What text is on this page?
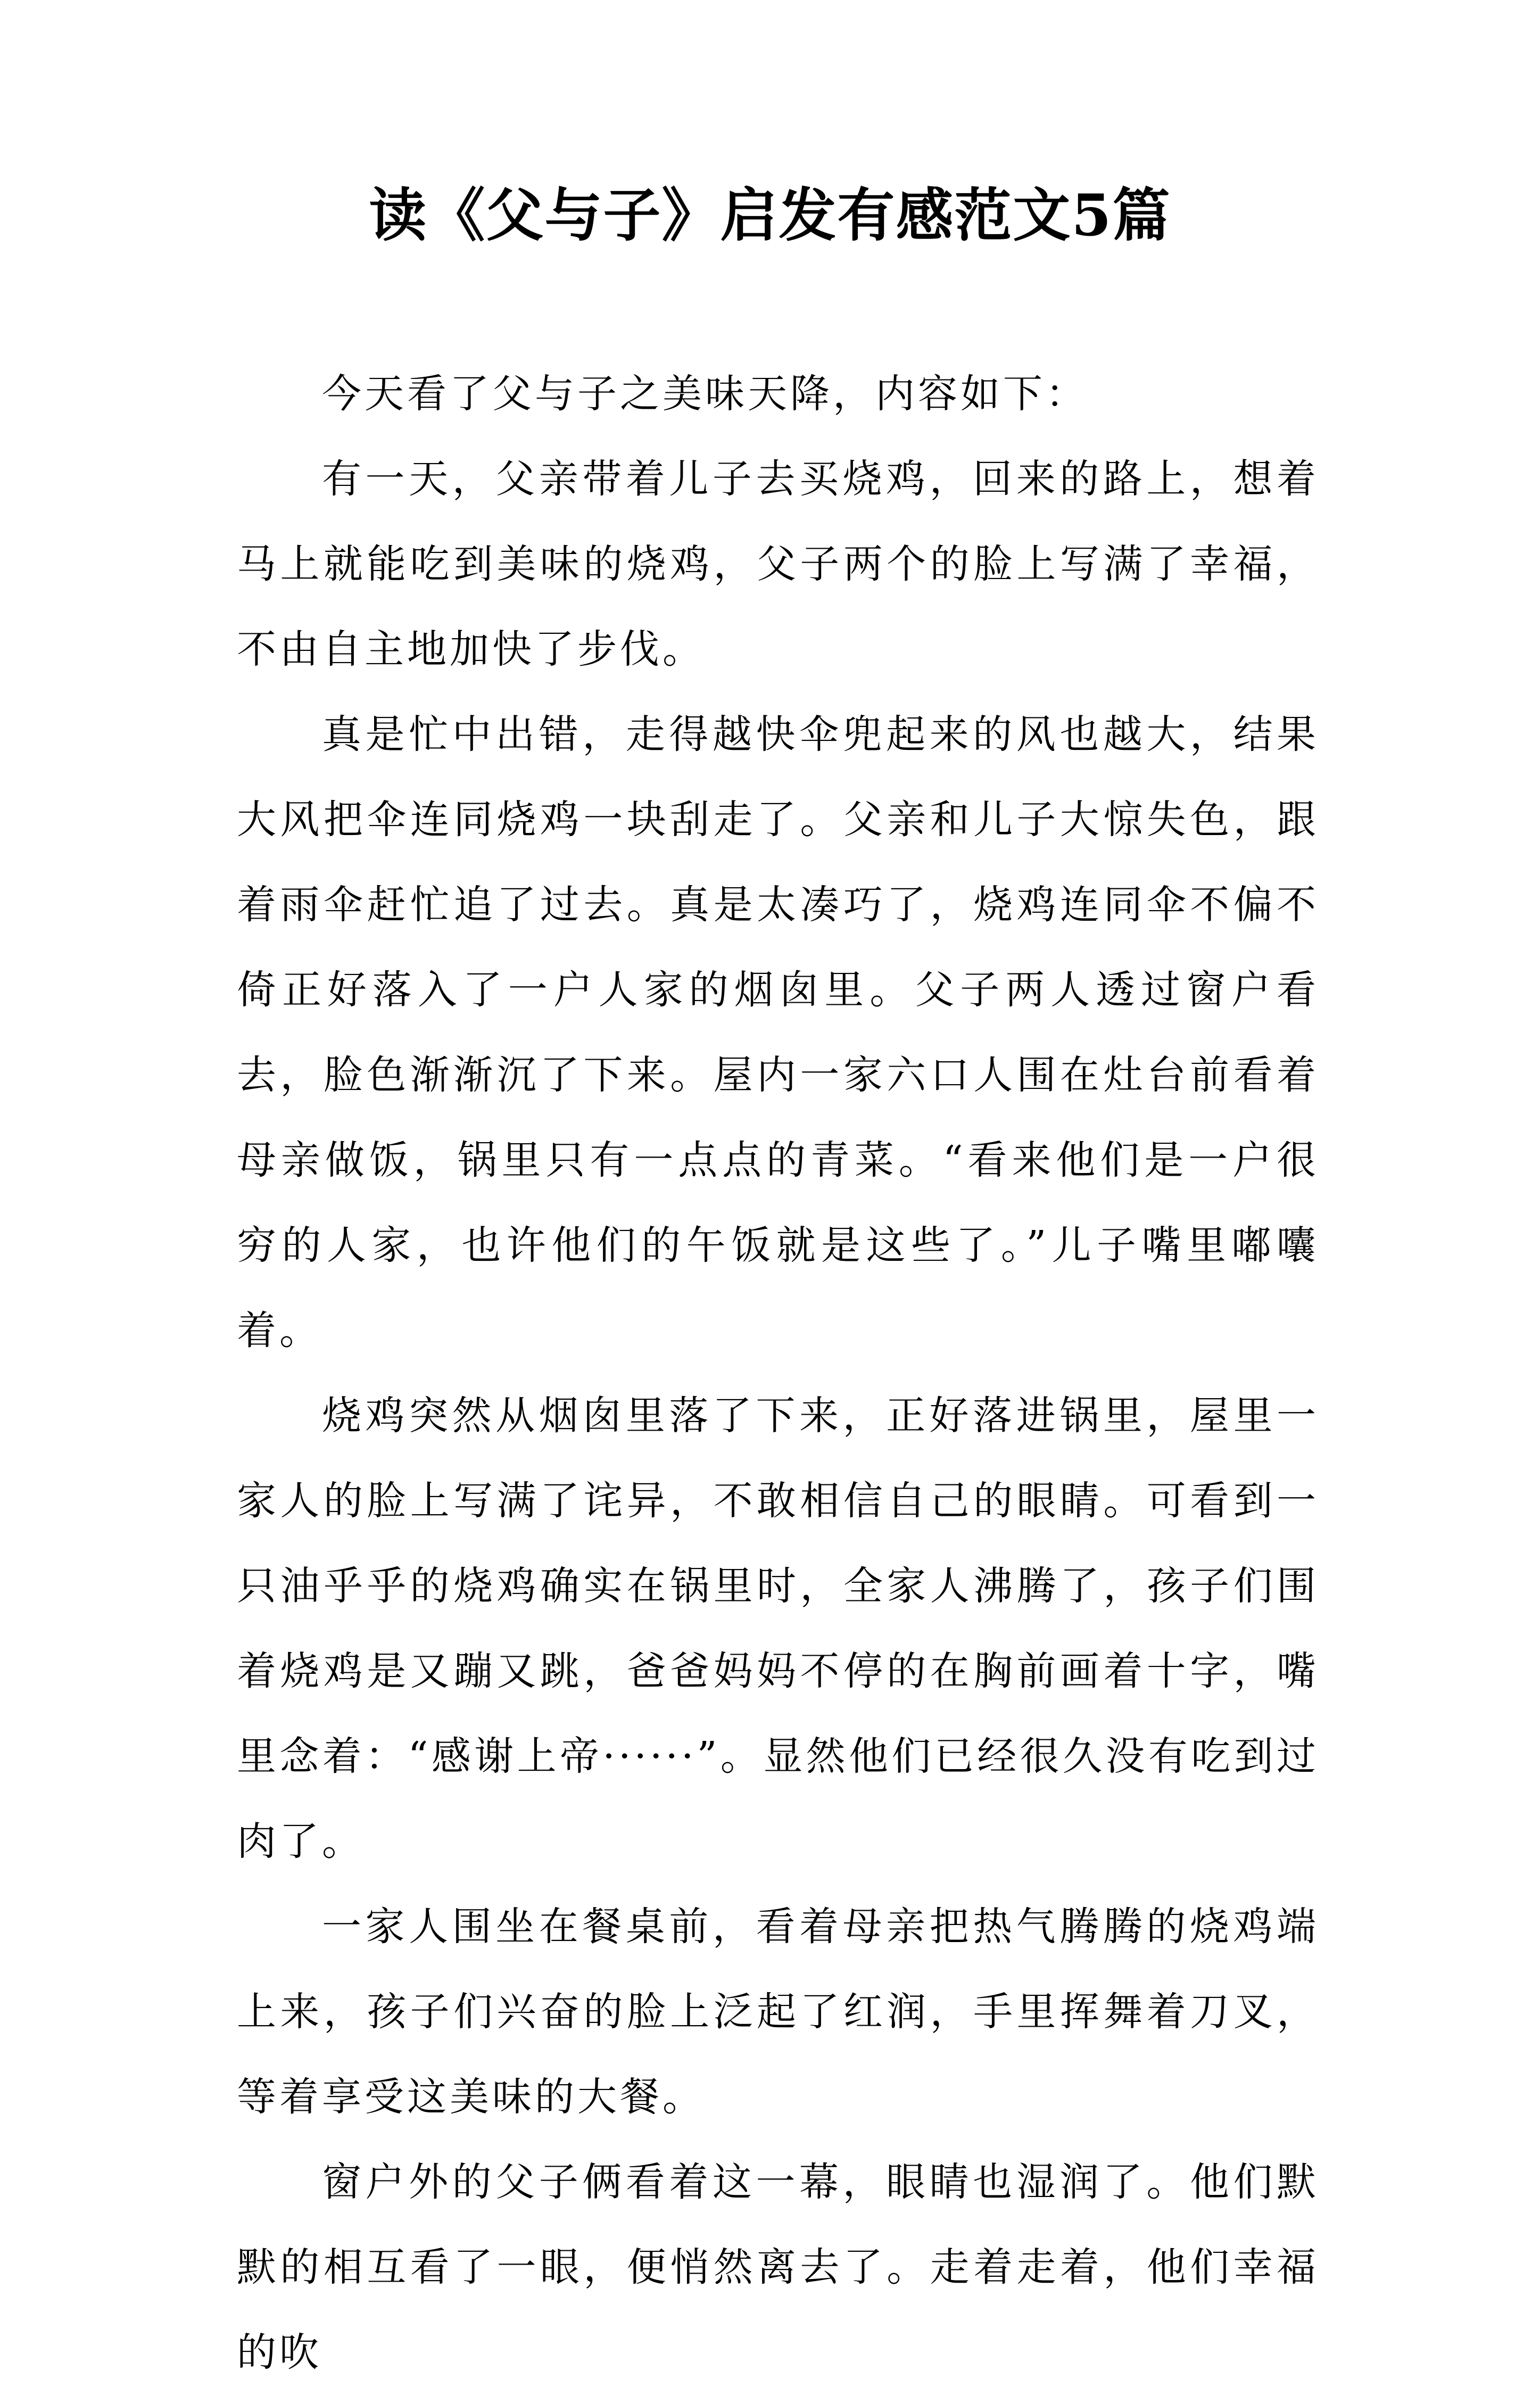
读《父与子》启发有感范文5篇

今天看了父与子之美味天降，内容如下：

有一天，父亲带着儿子去买烧鸡，回来的路上，想着马上就能吃到美味的烧鸡，父子两个的脸上写满了幸福，不由自主地加快了步伐。

真是忙中出错，走得越快伞兜起来的风也越大，结果大风把伞连同烧鸡一块刮走了。父亲和儿子大惊失色，跟着雨伞赶忙追了过去。真是太凑巧了，烧鸡连同伞不偏不倚正好落入了一户人家的烟囱里。父子两人透过窗户看去，脸色渐渐沉了下来。屋内一家六口人围在灶台前看着母亲做饭，锅里只有一点点的青菜。“看来他们是一户很穷的人家，也许他们的午饭就是这些了。”儿子嘴里嘟囔着。

烧鸡突然从烟囱里落了下来，正好落进锅里，屋里一家人的脸上写满了诧异，不敢相信自己的眼睛。可看到一只油乎乎的烧鸡确实在锅里时，全家人沸腾了，孩子们围着烧鸡是又蹦又跳，爸爸妈妈不停的在胸前画着十字，嘴里念着：“感谢上帝······”。显然他们已经很久没有吃到过肉了。

一家人围坐在餐桌前，看着母亲把热气腾腾的烧鸡端上来，孩子们兴奋的脸上泛起了红润，手里挥舞着刀叉，等着享受这美味的大餐。

窗户外的父子俩看着这一幕，眼睛也湿润了。他们默默的相互看了一眼，便悄然离去了。走着走着，他们幸福的吹
